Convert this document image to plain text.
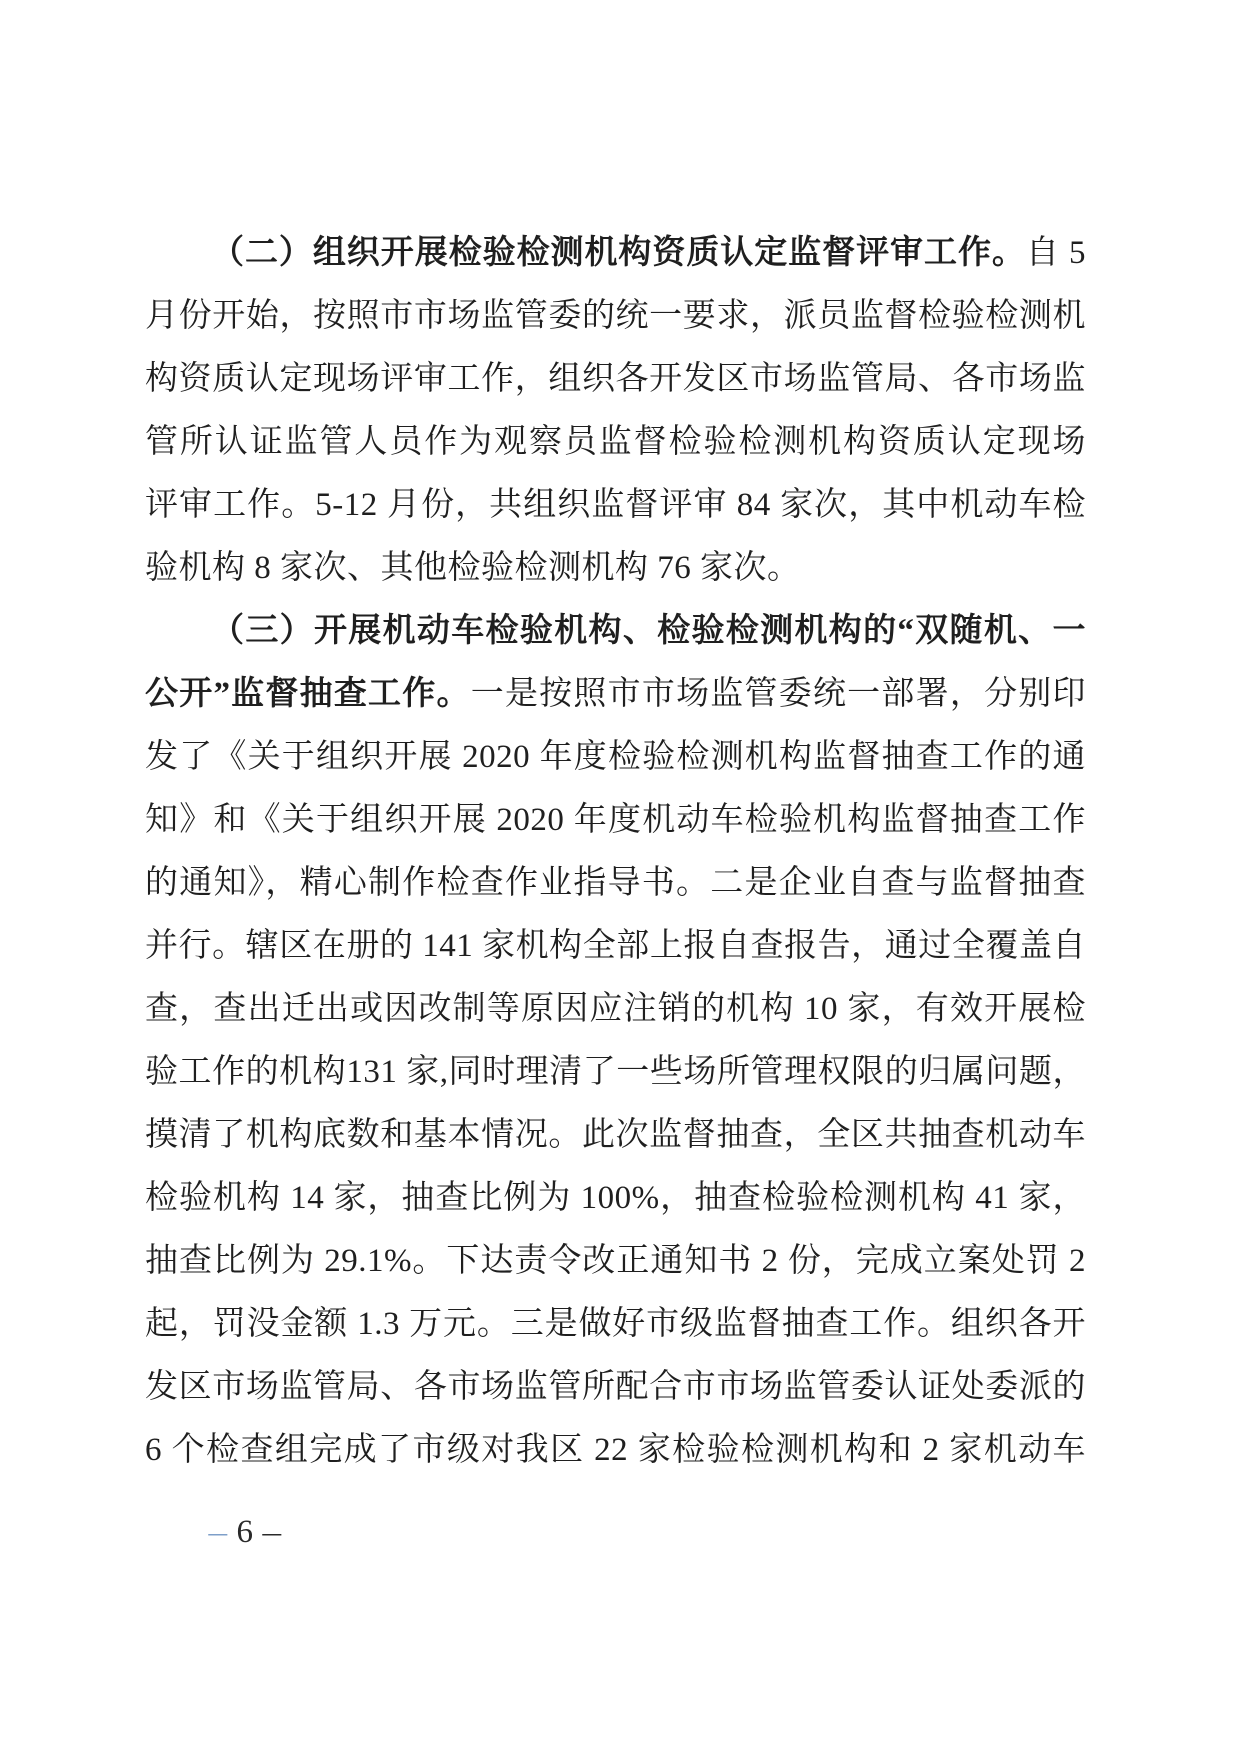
（二）组织开展检验检测机构资质认定监督评审工作。自 5
月份开始，按照市市场监管委的统一要求，派员监督检验检测机
构资质认定现场评审工作，组织各开发区市场监管局、各市场监
管所认证监管人员作为观察员监督检验检测机构资质认定现场
评审工作。5-12 月份，共组织监督评审 84 家次，其中机动车检
验机构 8 家次、其他检验检测机构 76 家次。
（三）开展机动车检验机构、检验检测机构的“双随机、一
公开”监督抽查工作。一是按照市市场监管委统一部署，分别印
发了《关于组织开展 2020 年度检验检测机构监督抽查工作的通
知》和《关于组织开展 2020 年度机动车检验机构监督抽查工作
的通知》，精心制作检查作业指导书。二是企业自查与监督抽查
并行。辖区在册的 141 家机构全部上报自查报告，通过全覆盖自
查，查出迁出或因改制等原因应注销的机构 10 家，有效开展检
验工作的机构131 家,同时理清了一些场所管理权限的归属问题，
摸清了机构底数和基本情况。此次监督抽查，全区共抽查机动车
检验机构 14 家，抽查比例为 100%，抽查检验检测机构 41 家，
抽查比例为 29.1%。下达责令改正通知书 2 份，完成立案处罚 2
起，罚没金额 1.3 万元。三是做好市级监督抽查工作。组织各开
发区市场监管局、各市场监管所配合市市场监管委认证处委派的
6 个检查组完成了市级对我区 22 家检验检测机构和 2 家机动车
– 6 –
